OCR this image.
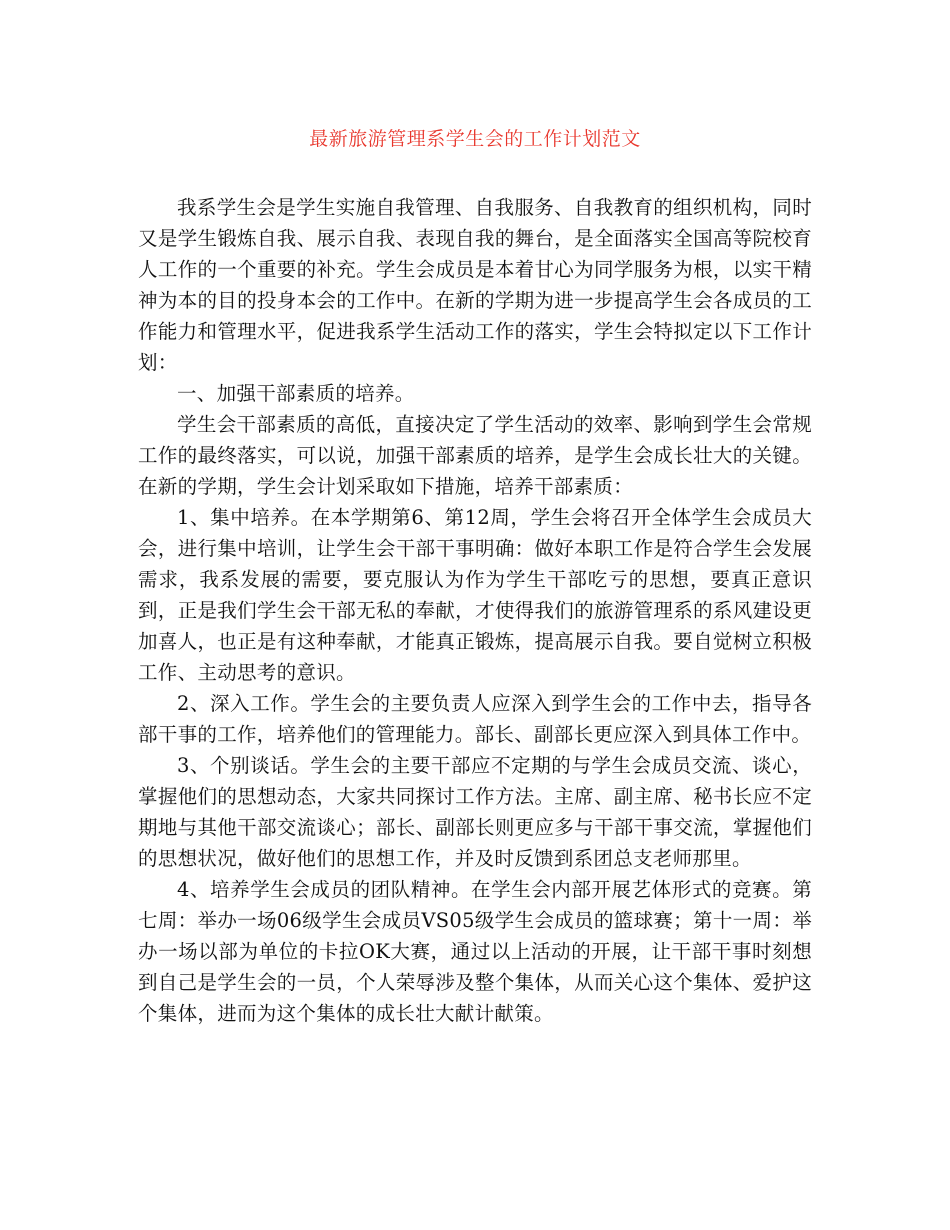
最新旅游管理系学生会的工作计划范文

我系学生会是学生实施自我管理、自我服务、自我教育的组织机构，同时又是学生锻炼自我、展示自我、表现自我的舞台，是全面落实全国高等院校育人工作的一个重要的补充。学生会成员是本着甘心为同学服务为根，以实干精神为本的目的投身本会的工作中。在新的学期为进一步提高学生会各成员的工作能力和管理水平，促进我系学生活动工作的落实，学生会特拟定以下工作计划：

一、加强干部素质的培养。

学生会干部素质的高低，直接决定了学生活动的效率、影响到学生会常规工作的最终落实，可以说，加强干部素质的培养，是学生会成长壮大的关键。在新的学期，学生会计划采取如下措施，培养干部素质：

1、集中培养。在本学期第6、第12周，学生会将召开全体学生会成员大会，进行集中培训，让学生会干部干事明确：做好本职工作是符合学生会发展需求，我系发展的需要，要克服认为作为学生干部吃亏的思想，要真正意识到，正是我们学生会干部无私的奉献，才使得我们的旅游管理系的系风建设更加喜人，也正是有这种奉献，才能真正锻炼，提高展示自我。要自觉树立积极工作、主动思考的意识。

2、深入工作。学生会的主要负责人应深入到学生会的工作中去，指导各部干事的工作，培养他们的管理能力。部长、副部长更应深入到具体工作中。

3、个别谈话。学生会的主要干部应不定期的与学生会成员交流、谈心，掌握他们的思想动态，大家共同探讨工作方法。主席、副主席、秘书长应不定期地与其他干部交流谈心；部长、副部长则更应多与干部干事交流，掌握他们的思想状况，做好他们的思想工作，并及时反馈到系团总支老师那里。

4、培养学生会成员的团队精神。在学生会内部开展艺体形式的竞赛。第七周：举办一场06级学生会成员VS05级学生会成员的篮球赛；第十一周：举办一场以部为单位的卡拉OK大赛，通过以上活动的开展，让干部干事时刻想到自己是学生会的一员，个人荣辱涉及整个集体，从而关心这个集体、爱护这个集体，进而为这个集体的成长壮大献计献策。
